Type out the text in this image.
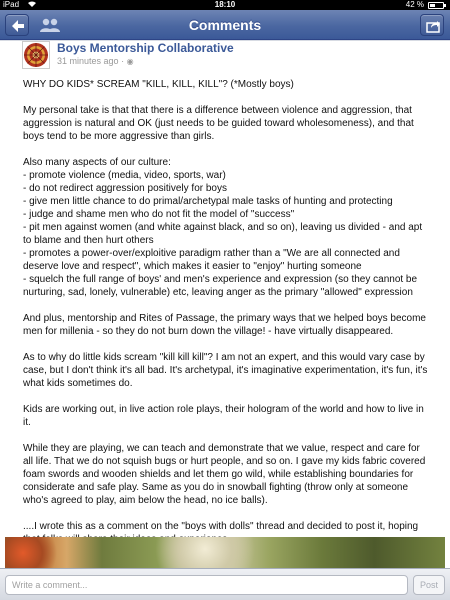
iPad	18:10	42 %
Comments
Boys Mentorship Collaborative
31 minutes ago · ◉

WHY DO KIDS* SCREAM "KILL, KILL, KILL"? (*Mostly boys)

My personal take is that that there is a difference between violence and aggression, that aggression is natural and OK (just needs to be guided toward wholesomeness), and that boys tend to be more aggressive than girls.

Also many aspects of our culture:

- promote violence (media, video, sports, war)

- do not redirect aggression positively for boys

- give men little chance to do primal/archetypal male tasks of hunting and protecting

- judge and shame men who do not fit the model of "success"

- pit men against women (and white against black, and so on), leaving us divided - and apt to blame and then hurt others

- promotes a power-over/exploitive paradigm rather than a "We are all connected and deserve love and respect", which makes it easier to "enjoy" hurting someone

- squelch the full range of boys' and men's experience and expression (so they cannot be nurturing, sad, lonely, vulnerable) etc, leaving anger as the primary "allowed" expression

And plus, mentorship and Rites of Passage, the primary ways that we helped boys become men for millenia - so they do not burn down the village! - have virtually disappeared.

As to why do little kids scream "kill kill kill"? I am not an expert, and this would vary case by case, but I don't think it's all bad. It's archetypal, it's imaginative experimentation, it's fun, it's what kids sometimes do.

Kids are working out, in live action role plays, their hologram of the world and how to live in it.

While they are playing, we can teach and demonstrate that we value, respect and care for all life. That we do not squish bugs or hurt people, and so on. I gave my kids fabric covered foam swords and wooden shields and let them go wild, while establishing boundaries for considerate and safe play. Same as you do in snowball fighting (throw only at someone who's agreed to play, aim below the head, no ice balls).

....I wrote this as a comment on the "boys with dolls" thread and decided to post it, hoping

Write a comment...
Post
